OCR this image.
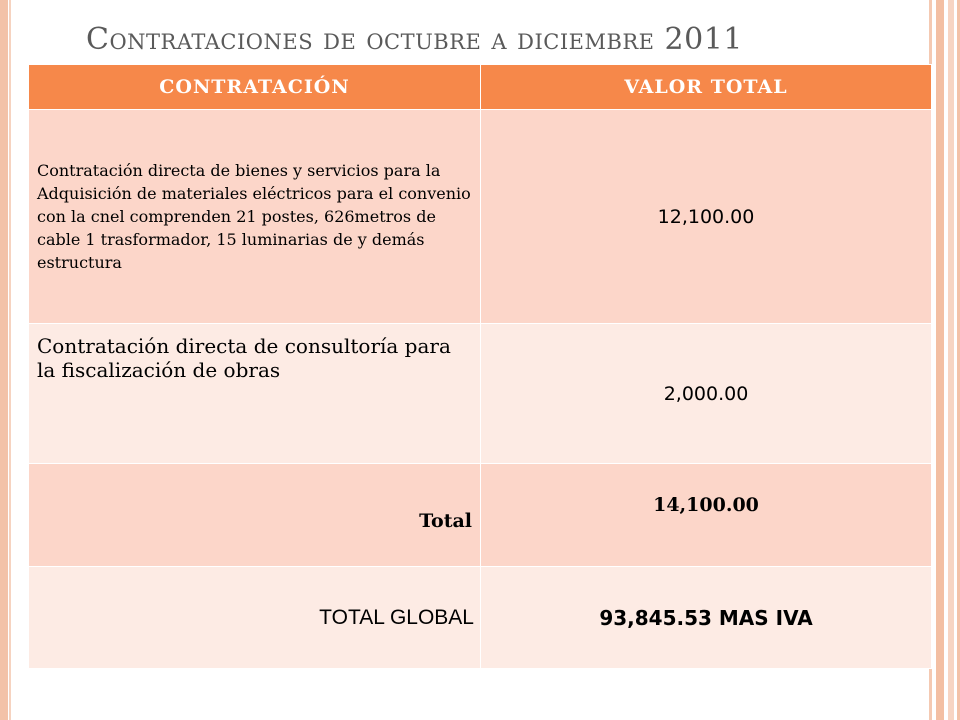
Contrataciones de octubre a diciembre 2011
CONTRATACIÓN	VALOR TOTAL
Contratación directa de bienes y servicios para la Adquisición de materiales eléctricos para el convenio con la cnel comprenden 21 postes, 626metros de cable 1 trasformador, 15 luminarias de y demás estructura	12,100.00
Contratación directa de consultoría para la fiscalización de obras	2,000.00
Total	14,100.00
TOTAL GLOBAL	93,845.53 MAS IVA
